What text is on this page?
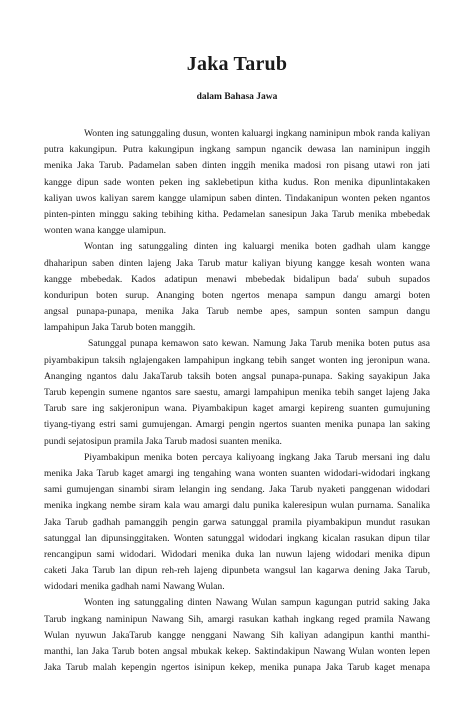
Jaka Tarub
dalam Bahasa Jawa
Wonten ing satunggaling dusun, wonten kaluargi ingkang naminipun mbok randa kaliyan
putra kakungipun. Putra kakungipun ingkang sampun ngancik dewasa lan naminipun inggih
menika Jaka Tarub. Padamelan saben dinten inggih menika madosi ron pisang utawi ron jati
kangge dipun sade wonten peken ing saklebetipun kitha kudus. Ron menika dipunlintakaken
kaliyan uwos kaliyan sarem kangge ulamipun saben dinten. Tindakanipun wonten peken ngantos
pinten-pinten minggu saking tebihing kitha. Pedamelan sanesipun Jaka Tarub menika mbebedak
wonten wana kangge ulamipun.
Wontan ing satunggaling dinten ing kaluargi menika boten gadhah ulam kangge
dhaharipun saben dinten lajeng Jaka Tarub matur kaliyan biyung kangge kesah wonten wana
kangge mbebedak. Kados adatipun menawi mbebedak bidalipun bada' subuh supados
konduripun boten surup. Ananging boten ngertos menapa sampun dangu amargi boten
angsal punapa-punapa, menika Jaka Tarub nembe apes, sampun sonten sampun dangu
lampahipun Jaka Tarub boten manggih.
Satunggal punapa kemawon sato kewan. Namung Jaka Tarub menika boten putus asa
piyambakipun taksih nglajengaken lampahipun ingkang tebih sanget wonten ing jeronipun wana.
Ananging ngantos dalu JakaTarub taksih boten angsal punapa-punapa. Saking sayakipun Jaka
Tarub kepengin sumene ngantos sare saestu, amargi lampahipun menika tebih sanget lajeng Jaka
Tarub sare ing sakjeronipun wana. Piyambakipun kaget amargi kepireng suanten gumujuning
tiyang-tiyang estri sami gumujengan. Amargi pengin ngertos suanten menika punapa lan saking
pundi sejatosipun pramila Jaka Tarub madosi suanten menika.
Piyambakipun menika boten percaya kaliyoang ingkang Jaka Tarub mersani ing dalu
menika Jaka Tarub kaget amargi ing tengahing wana wonten suanten widodari-widodari ingkang
sami gumujengan sinambi siram lelangin ing sendang. Jaka Tarub nyaketi panggenan widodari
menika ingkang nembe siram kala wau amargi dalu punika kaleresipun wulan purnama. Sanalika
Jaka Tarub gadhah pamanggih pengin garwa satunggal pramila piyambakipun mundut rasukan
satunggal lan dipunsinggitaken. Wonten satunggal widodari ingkang kicalan rasukan dipun tilar
rencangipun sami widodari. Widodari menika duka lan nuwun lajeng widodari menika dipun
caketi Jaka Tarub lan dipun reh-reh lajeng dipunbeta wangsul lan kagarwa dening Jaka Tarub,
widodari menika gadhah nami Nawang Wulan.
Wonten ing satunggaling dinten Nawang Wulan sampun kagungan putrid saking Jaka
Tarub ingkang naminipun Nawang Sih, amargi rasukan kathah ingkang reged pramila Nawang
Wulan nyuwun JakaTarub kangge nenggani Nawang Sih kaliyan adangipun kanthi manthi-
manthi, lan Jaka Tarub boten angsal mbukak kekep. Saktindakipun Nawang Wulan wonten lepen
Jaka Tarub malah kepengin ngertos isinipun kekep, menika punapa Jaka Tarub kaget menapa
